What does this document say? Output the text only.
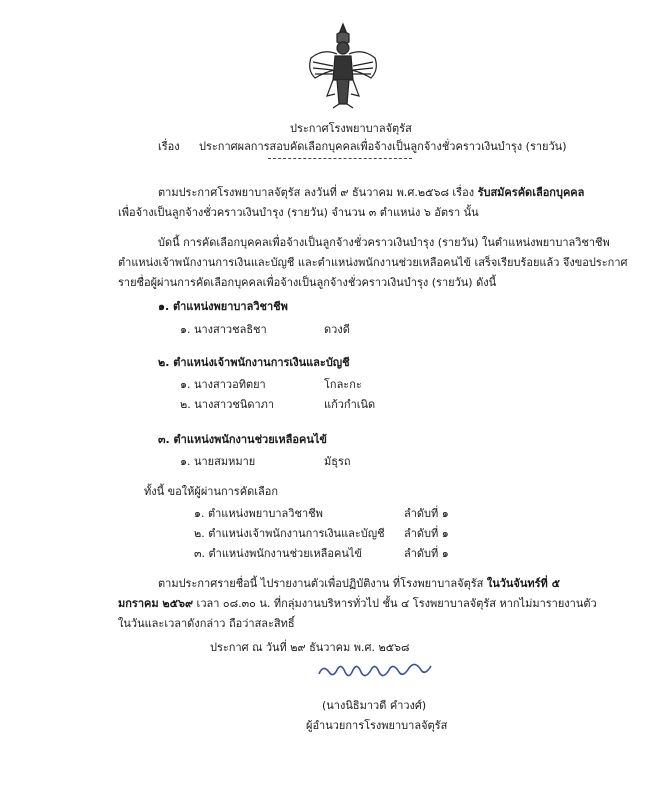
ประกาศโรงพยาบาลจัตุรัส
เรื่อง ประกาศผลการสอบคัดเลือกบุคคลเพื่อจ้างเป็นลูกจ้างชั่วคราวเงินบำรุง (รายวัน)
ตามประกาศโรงพยาบาลจัตุรัส ลงวันที่ ๙ ธันวาคม พ.ศ.๒๕๖๘ เรื่อง รับสมัครคัดเลือกบุคคล
เพื่อจ้างเป็นลูกจ้างชั่วคราวเงินบำรุง (รายวัน) จำนวน ๓ ตำแหน่ง ๖ อัตรา นั้น
บัดนี้ การคัดเลือกบุคคลเพื่อจ้างเป็นลูกจ้างชั่วคราวเงินบำรุง (รายวัน) ในตำแหน่งพยาบาลวิชาชีพ
ตำแหน่งเจ้าพนักงานการเงินและบัญชี และตำแหน่งพนักงานช่วยเหลือคนไข้ เสร็จเรียบร้อยแล้ว จึงขอประกาศ
รายชื่อผู้ผ่านการคัดเลือกบุคคลเพื่อจ้างเป็นลูกจ้างชั่วคราวเงินบำรุง (รายวัน) ดังนี้
๑. ตำแหน่งพยาบาลวิชาชีพ
๑. นางสาวชลธิชา	ดวงดี
๒. ตำแหน่งเจ้าพนักงานการเงินและบัญชี
๑. นางสาวอทิตยา	โกละกะ
๒. นางสาวชนิดาภา	แก้วกำเนิด
๓. ตำแหน่งพนักงานช่วยเหลือคนไข้
๑. นายสมหมาย	มัธุรถ
ทั้งนี้ ขอให้ผู้ผ่านการคัดเลือก
๑. ตำแหน่งพยาบาลวิชาชีพ	ลำดับที่ ๑
๒. ตำแหน่งเจ้าพนักงานการเงินและบัญชี ลำดับที่ ๑
๓. ตำแหน่งพนักงานช่วยเหลือคนไข้	ลำดับที่ ๑
ตามประกาศรายชื่อนี้ ไปรายงานตัวเพื่อปฏิบัติงาน ที่โรงพยาบาลจัตุรัส ในวันจันทร์ที่ ๕
มกราคม ๒๕๖๙ เวลา ๐๘.๓๐ น. ที่กลุ่มงานบริหารทั่วไป ชั้น ๔ โรงพยาบาลจัตุรัส หากไม่มารายงานตัว
ในวันและเวลาดังกล่าว ถือว่าสละสิทธิ์
ประกาศ ณ วันที่ ๒๙ ธันวาคม พ.ศ. ๒๕๖๘
(นางนิธิมาวดี คำวงศ์)
ผู้อำนวยการโรงพยาบาลจัตุรัส
